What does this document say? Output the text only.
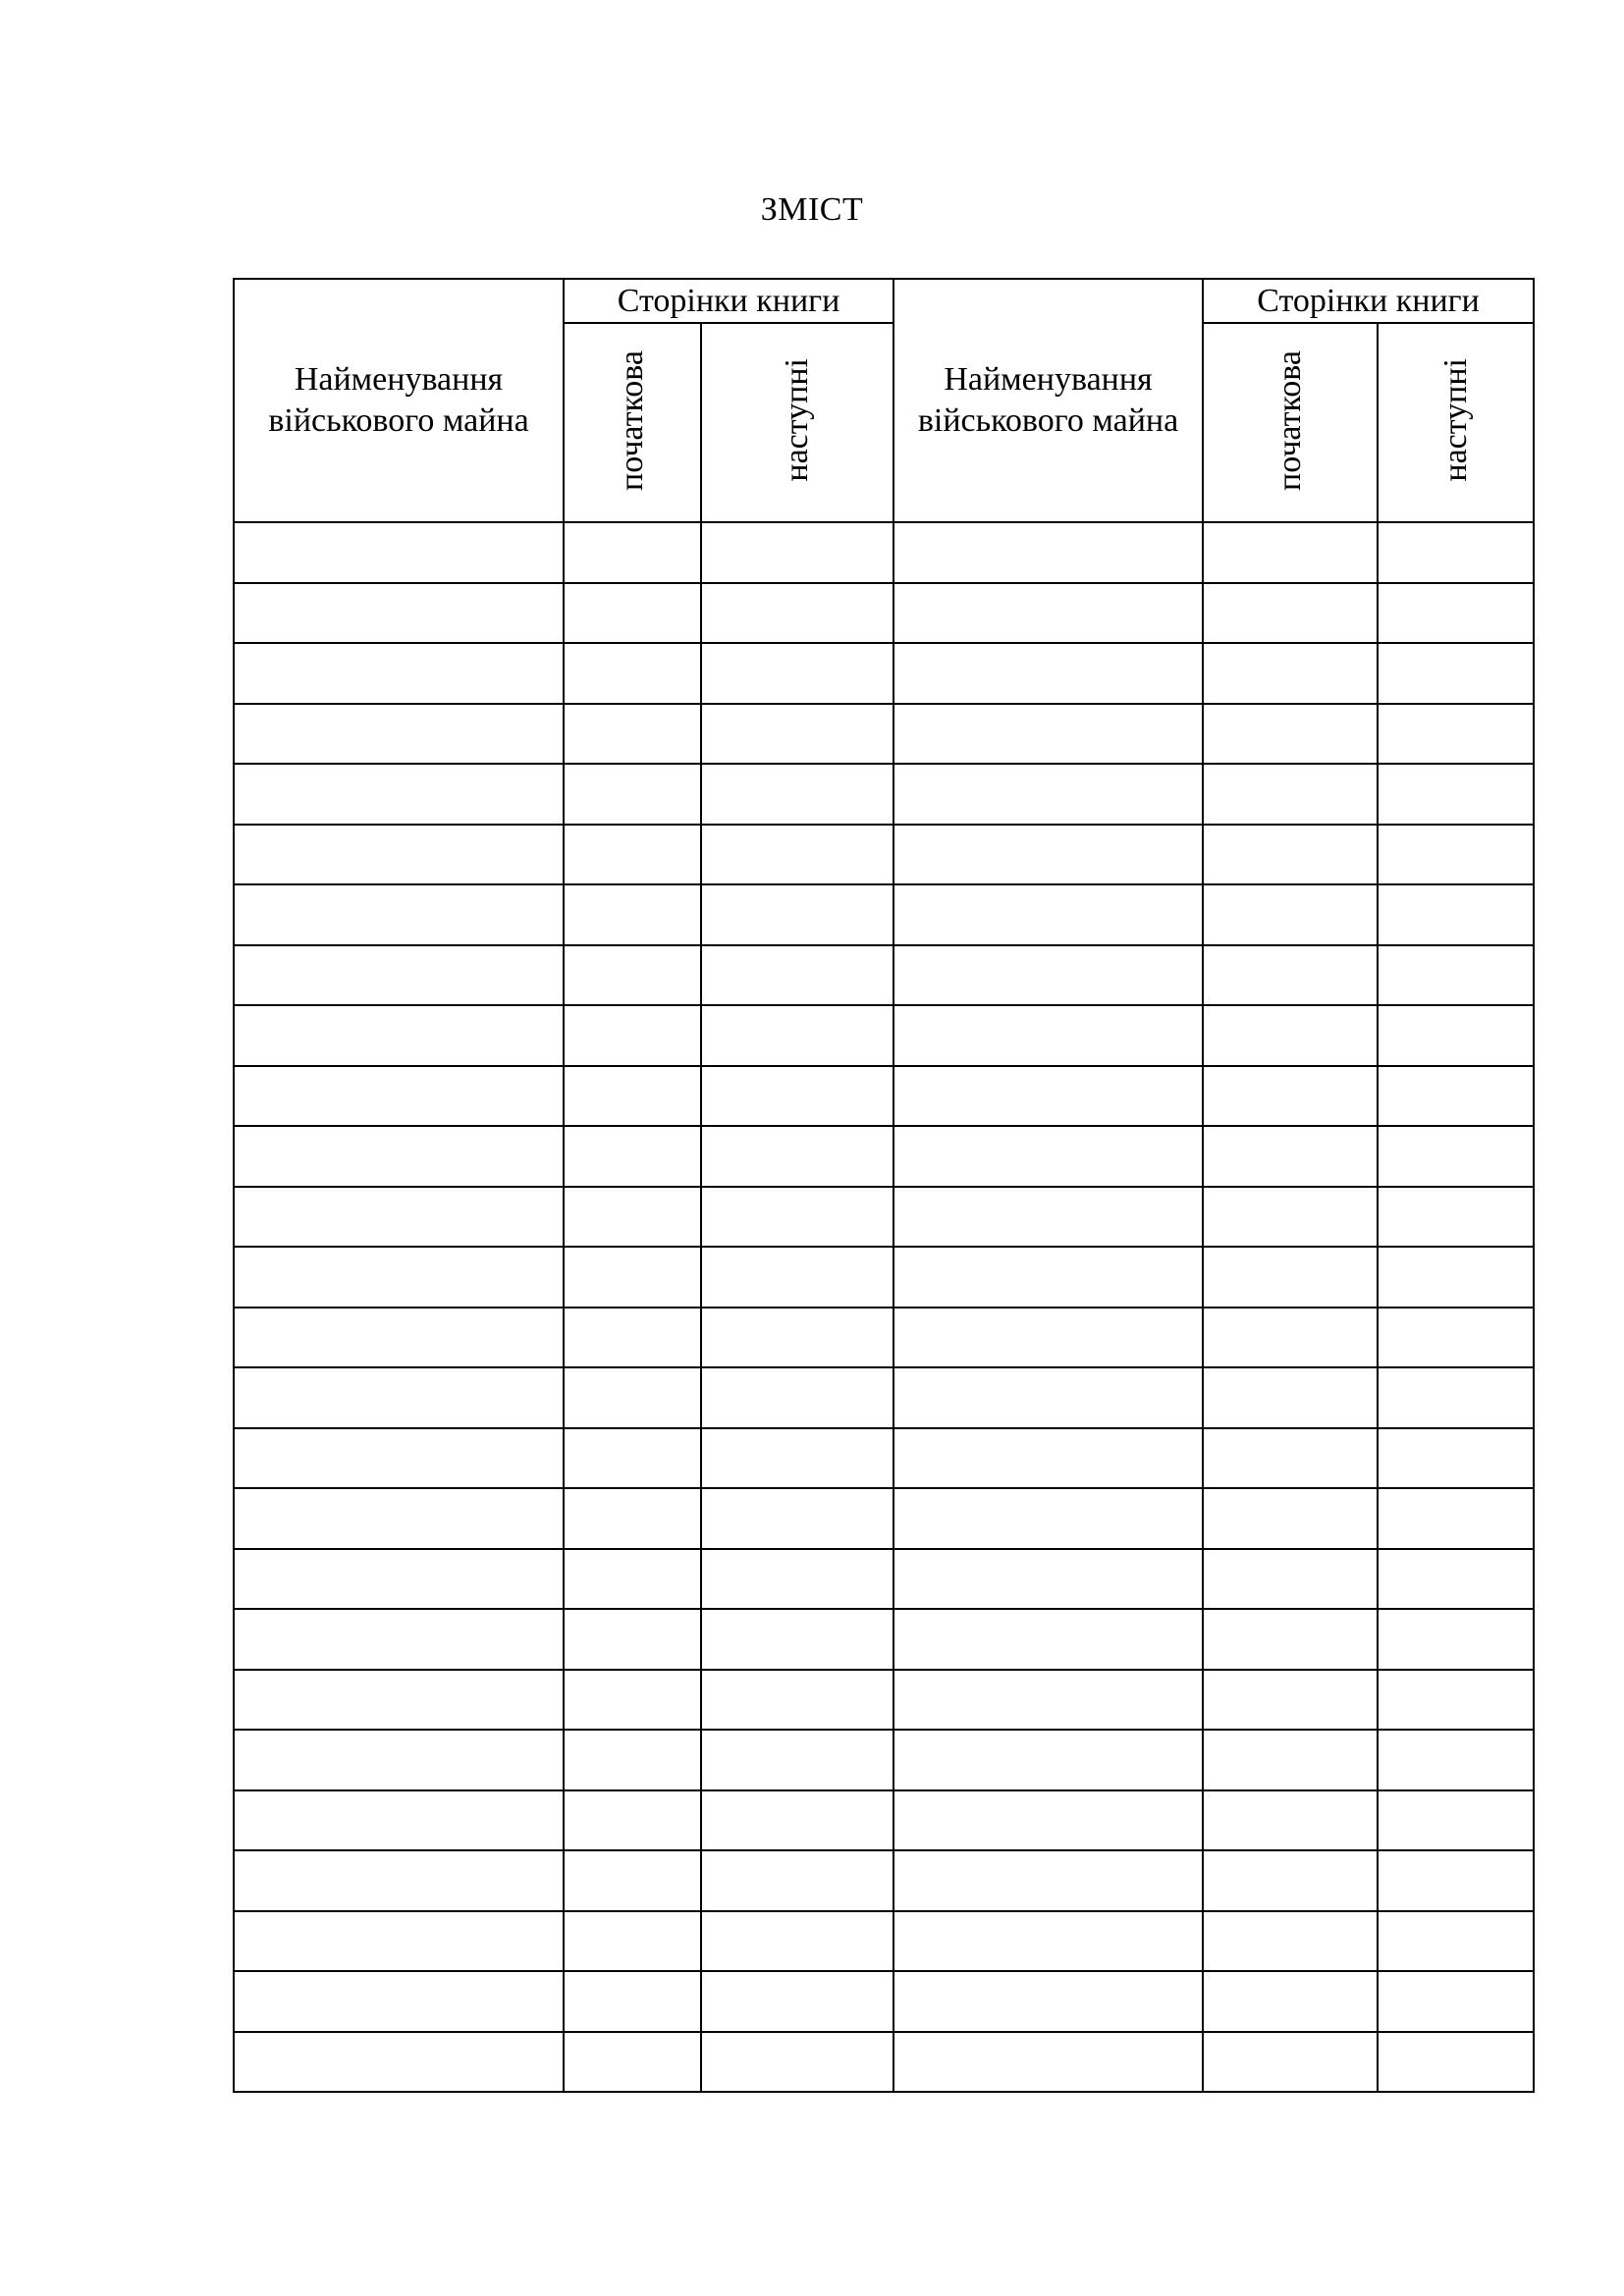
ЗМІСТ
Найменування військового майна	Сторінки книги		Найменування військового майна	Сторінки книги	
	початкова	наступні		початкова	наступні
